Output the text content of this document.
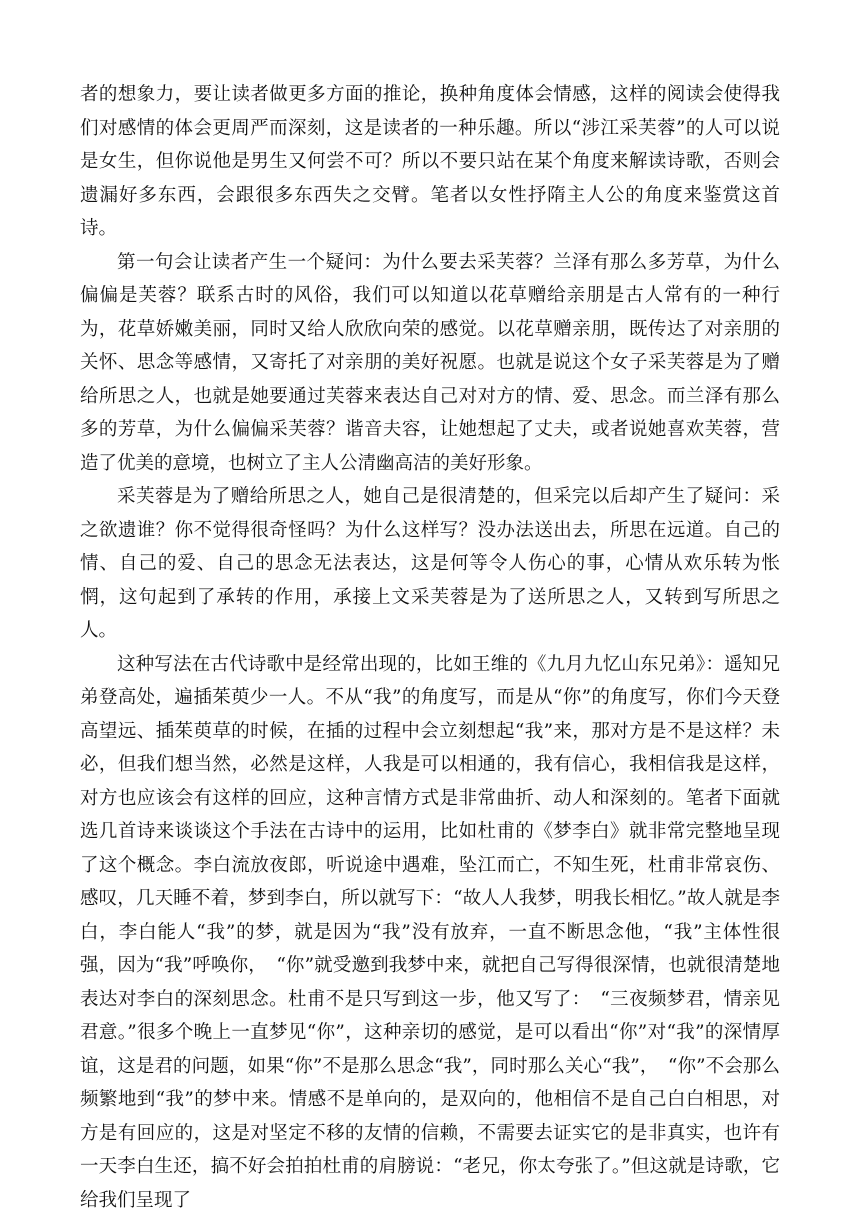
者的想象力，要让读者做更多方面的推论，换种角度体会情感，这样的阅读会使得我们对感情的体会更周严而深刻，这是读者的一种乐趣。所以“涉江采芙蓉”的人可以说是女生，但你说他是男生又何尝不可？所以不要只站在某个角度来解读诗歌，否则会遗漏好多东西，会跟很多东西失之交臂。笔者以女性抒隋主人公的角度来鉴赏这首诗。

第一句会让读者产生一个疑问：为什么要去采芙蓉？兰泽有那么多芳草，为什么偏偏是芙蓉？联系古时的风俗，我们可以知道以花草赠给亲朋是古人常有的一种行为，花草娇嫩美丽，同时又给人欣欣向荣的感觉。以花草赠亲朋，既传达了对亲朋的关怀、思念等感情，又寄托了对亲朋的美好祝愿。也就是说这个女子采芙蓉是为了赠给所思之人，也就是她要通过芙蓉来表达自己对对方的情、爱、思念。而兰泽有那么多的芳草，为什么偏偏采芙蓉？谐音夫容，让她想起了丈夫，或者说她喜欢芙蓉，营造了优美的意境，也树立了主人公清幽高洁的美好形象。

采芙蓉是为了赠给所思之人，她自己是很清楚的，但采完以后却产生了疑问：采之欲遗谁？你不觉得很奇怪吗？为什么这样写？没办法送出去，所思在远道。自己的情、自己的爱、自己的思念无法表达，这是何等令人伤心的事，心情从欢乐转为怅惘，这句起到了承转的作用，承接上文采芙蓉是为了送所思之人，又转到写所思之人。

这种写法在古代诗歌中是经常出现的，比如王维的《九月九忆山东兄弟》：遥知兄弟登高处，遍插茱萸少一人。不从“我”的角度写，而是从“你”的角度写，你们今天登高望远、插茱萸草的时候，在插的过程中会立刻想起“我”来，那对方是不是这样？未必，但我们想当然，必然是这样，人我是可以相通的，我有信心，我相信我是这样，对方也应该会有这样的回应，这种言情方式是非常曲折、动人和深刻的。笔者下面就选几首诗来谈谈这个手法在古诗中的运用，比如杜甫的《梦李白》就非常完整地呈现了这个概念。李白流放夜郎，听说途中遇难，坠江而亡，不知生死，杜甫非常哀伤、感叹，几天睡不着，梦到李白，所以就写下：“故人人我梦，明我长相忆。”故人就是李白，李白能人“我”的梦，就是因为“我”没有放弃，一直不断思念他，“我”主体性很强，因为“我”呼唤你，　“你”就受邀到我梦中来，就把自己写得很深情，也就很清楚地表达对李白的深刻思念。杜甫不是只写到这一步，他又写了：　“三夜频梦君，情亲见君意。”很多个晚上一直梦见“你”，这种亲切的感觉，是可以看出“你”对“我”的深情厚谊，这是君的问题，如果“你”不是那么思念“我”，同时那么关心“我”，　“你”不会那么频繁地到“我”的梦中来。情感不是单向的，是双向的，他相信不是自己白白相思，对方是有回应的，这是对坚定不移的友情的信赖，不需要去证实它的是非真实，也许有一天李白生还，搞不好会拍拍杜甫的肩膀说：“老兄，你太夸张了。”但这就是诗歌，它给我们呈现了
